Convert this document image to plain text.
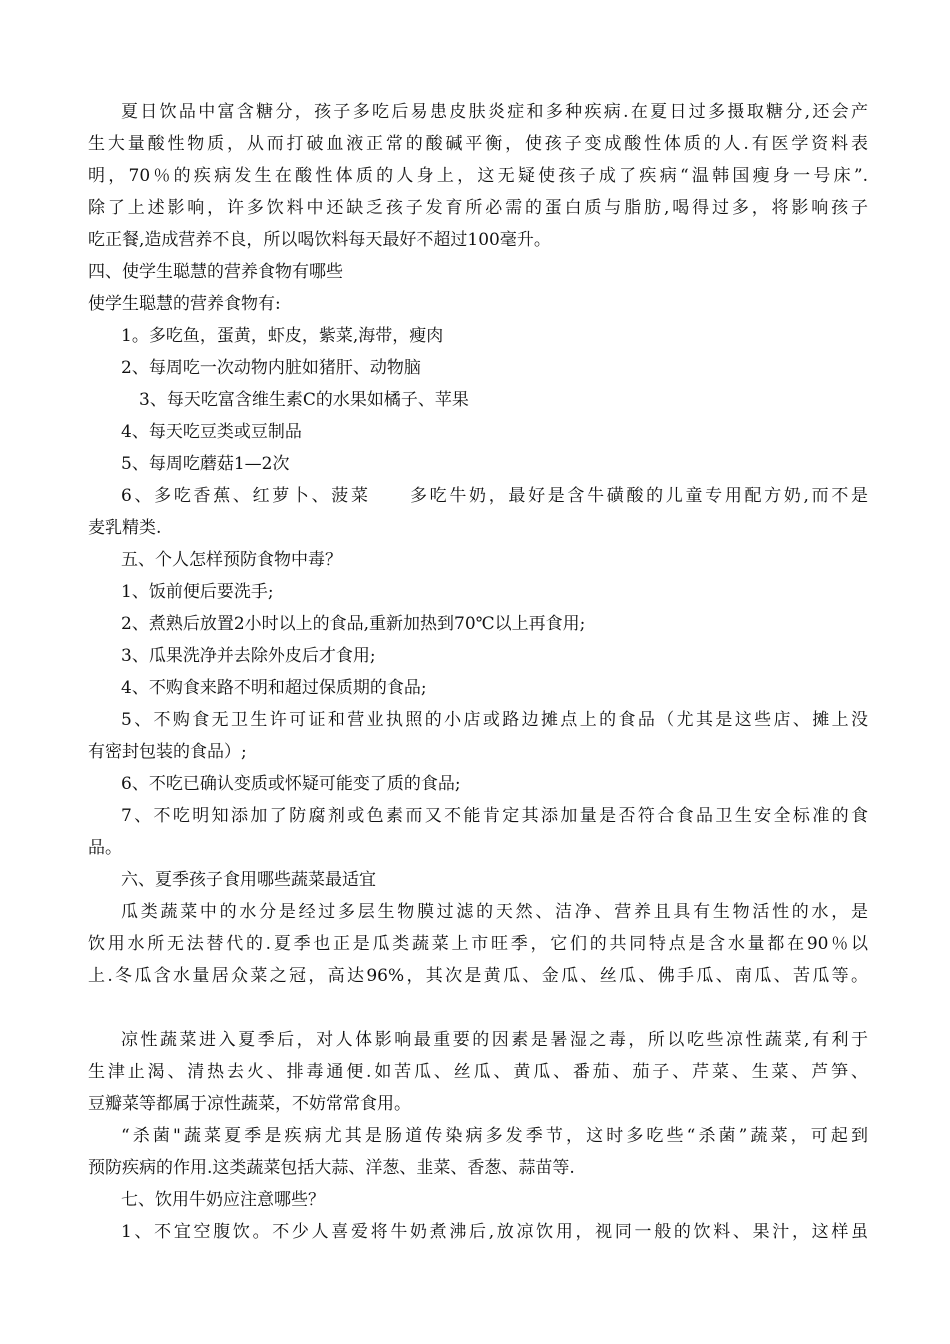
夏日饮品中富含糖分，孩子多吃后易患皮肤炎症和多种疾病.在夏日过多摄取糖分,还会产
生大量酸性物质，从而打破血液正常的酸碱平衡，使孩子变成酸性体质的人.有医学资料表
明，70％的疾病发生在酸性体质的人身上，这无疑使孩子成了疾病“温韩国瘦身一号床”.
除了上述影响，许多饮料中还缺乏孩子发育所必需的蛋白质与脂肪,喝得过多，将影响孩子
吃正餐,造成营养不良，所以喝饮料每天最好不超过100毫升。
四、使学生聪慧的营养食物有哪些
使学生聪慧的营养食物有:
1。多吃鱼，蛋黄，虾皮，紫菜,海带，瘦肉
2、每周吃一次动物内脏如猪肝、动物脑
3、每天吃富含维生素C的水果如橘子、苹果
4、每天吃豆类或豆制品
5、每周吃蘑菇1—2次
6、多吃香蕉、红萝卜、菠菜　　多吃牛奶，最好是含牛磺酸的儿童专用配方奶,而不是
麦乳精类.
五、个人怎样预防食物中毒？
1、饭前便后要洗手;
2、煮熟后放置2小时以上的食品,重新加热到70℃以上再食用;
3、瓜果洗净并去除外皮后才食用;
4、不购食来路不明和超过保质期的食品;
5、不购食无卫生许可证和营业执照的小店或路边摊点上的食品（尤其是这些店、摊上没
有密封包装的食品）;
6、不吃已确认变质或怀疑可能变了质的食品;
7、不吃明知添加了防腐剂或色素而又不能肯定其添加量是否符合食品卫生安全标准的食
品。
六、夏季孩子食用哪些蔬菜最适宜
瓜类蔬菜中的水分是经过多层生物膜过滤的天然、洁净、营养且具有生物活性的水，是
饮用水所无法替代的.夏季也正是瓜类蔬菜上市旺季，它们的共同特点是含水量都在90％以
上.冬瓜含水量居众菜之冠，高达96%，其次是黄瓜、金瓜、丝瓜、佛手瓜、南瓜、苦瓜等。
凉性蔬菜进入夏季后，对人体影响最重要的因素是暑湿之毒，所以吃些凉性蔬菜,有利于
生津止渴、清热去火、排毒通便.如苦瓜、丝瓜、黄瓜、番茄、茄子、芹菜、生菜、芦笋、
豆瓣菜等都属于凉性蔬菜，不妨常常食用。
“杀菌"蔬菜夏季是疾病尤其是肠道传染病多发季节，这时多吃些“杀菌”蔬菜，可起到
预防疾病的作用.这类蔬菜包括大蒜、洋葱、韭菜、香葱、蒜苗等.
七、饮用牛奶应注意哪些？
1、不宜空腹饮。不少人喜爱将牛奶煮沸后,放凉饮用，视同一般的饮料、果汁，这样虽
